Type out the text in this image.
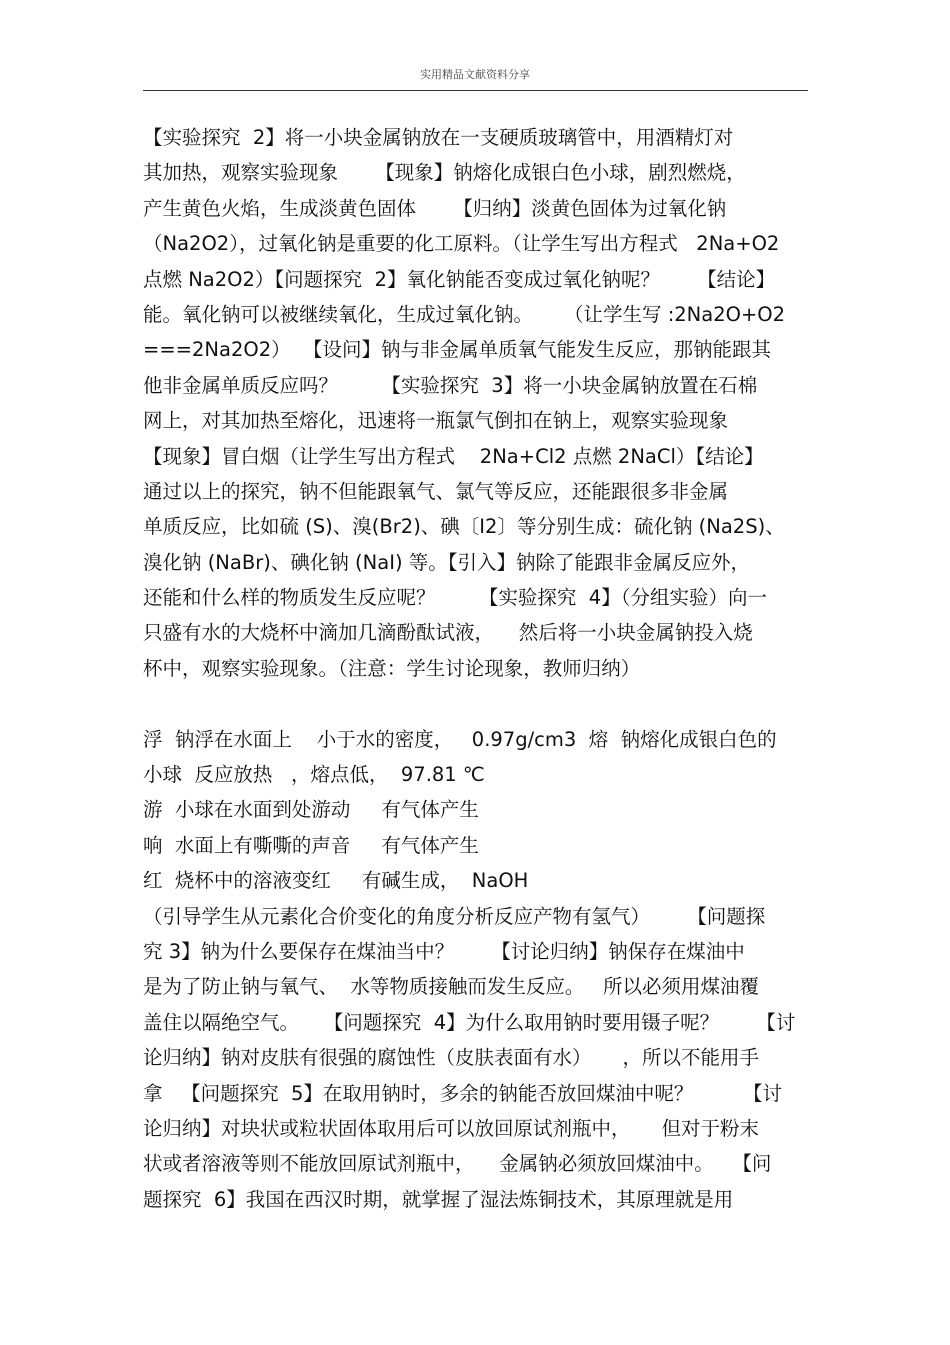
实用精品文献资料分享
【实验探究  2】将一小块金属钠放在一支硬质玻璃管中，用酒精灯对
其加热，观察实验现象      【现象】钠熔化成银白色小球，剧烈燃烧，
产生黄色火焰，生成淡黄色固体      【归纳】淡黄色固体为过氧化钠
（Na2O2），过氧化钠是重要的化工原料。（让学生写出方程式   2Na+O2
点燃 Na2O2）【问题探究  2】氧化钠能否变成过氧化钠呢？      【结论】
能。氧化钠可以被继续氧化，生成过氧化钠。     （让学生写 :2Na2O+O2
===2Na2O2）  【设问】钠与非金属单质氧气能发生反应，那钠能跟其
他非金属单质反应吗？       【实验探究  3】将一小块金属钠放置在石棉
网上，对其加热至熔化，迅速将一瓶氯气倒扣在钠上，观察实验现象
【现象】冒白烟（让学生写出方程式    2Na+Cl2 点燃 2NaCl）【结论】
通过以上的探究，钠不但能跟氧气、氯气等反应，还能跟很多非金属
单质反应，比如硫 (S)、溴(Br2)、碘〔I2〕等分别生成：硫化钠 (Na2S)、
溴化钠 (NaBr)、碘化钠 (NaI) 等。【引入】钠除了能跟非金属反应外，
还能和什么样的物质发生反应呢？       【实验探究  4】（分组实验）向一
只盛有水的大烧杯中滴加几滴酚酞试液，    然后将一小块金属钠投入烧
杯中，观察实验现象。（注意：学生讨论现象，教师归纳）
浮  钠浮在水面上    小于水的密度，   0.97g/cm3  熔  钠熔化成银白色的
小球  反应放热   ，熔点低，  97.81 ℃
游  小球在水面到处游动     有气体产生
响  水面上有嘶嘶的声音     有气体产生
红  烧杯中的溶液变红     有碱生成，  NaOH
（引导学生从元素化合价变化的角度分析反应产物有氢气）      【问题探
究 3】钠为什么要保存在煤油当中？      【讨论归纳】钠保存在煤油中
是为了防止钠与氧气、  水等物质接触而发生反应。   所以必须用煤油覆
盖住以隔绝空气。    【问题探究  4】为什么取用钠时要用镊子呢？      【讨
论归纳】钠对皮肤有很强的腐蚀性（皮肤表面有水）     ，所以不能用手
拿   【问题探究  5】在取用钠时，多余的钠能否放回煤油中呢？        【讨
论归纳】对块状或粒状固体取用后可以放回原试剂瓶中，     但对于粉末
状或者溶液等则不能放回原试剂瓶中，    金属钠必须放回煤油中。   【问
题探究  6】我国在西汉时期，就掌握了湿法炼铜技术，其原理就是用
